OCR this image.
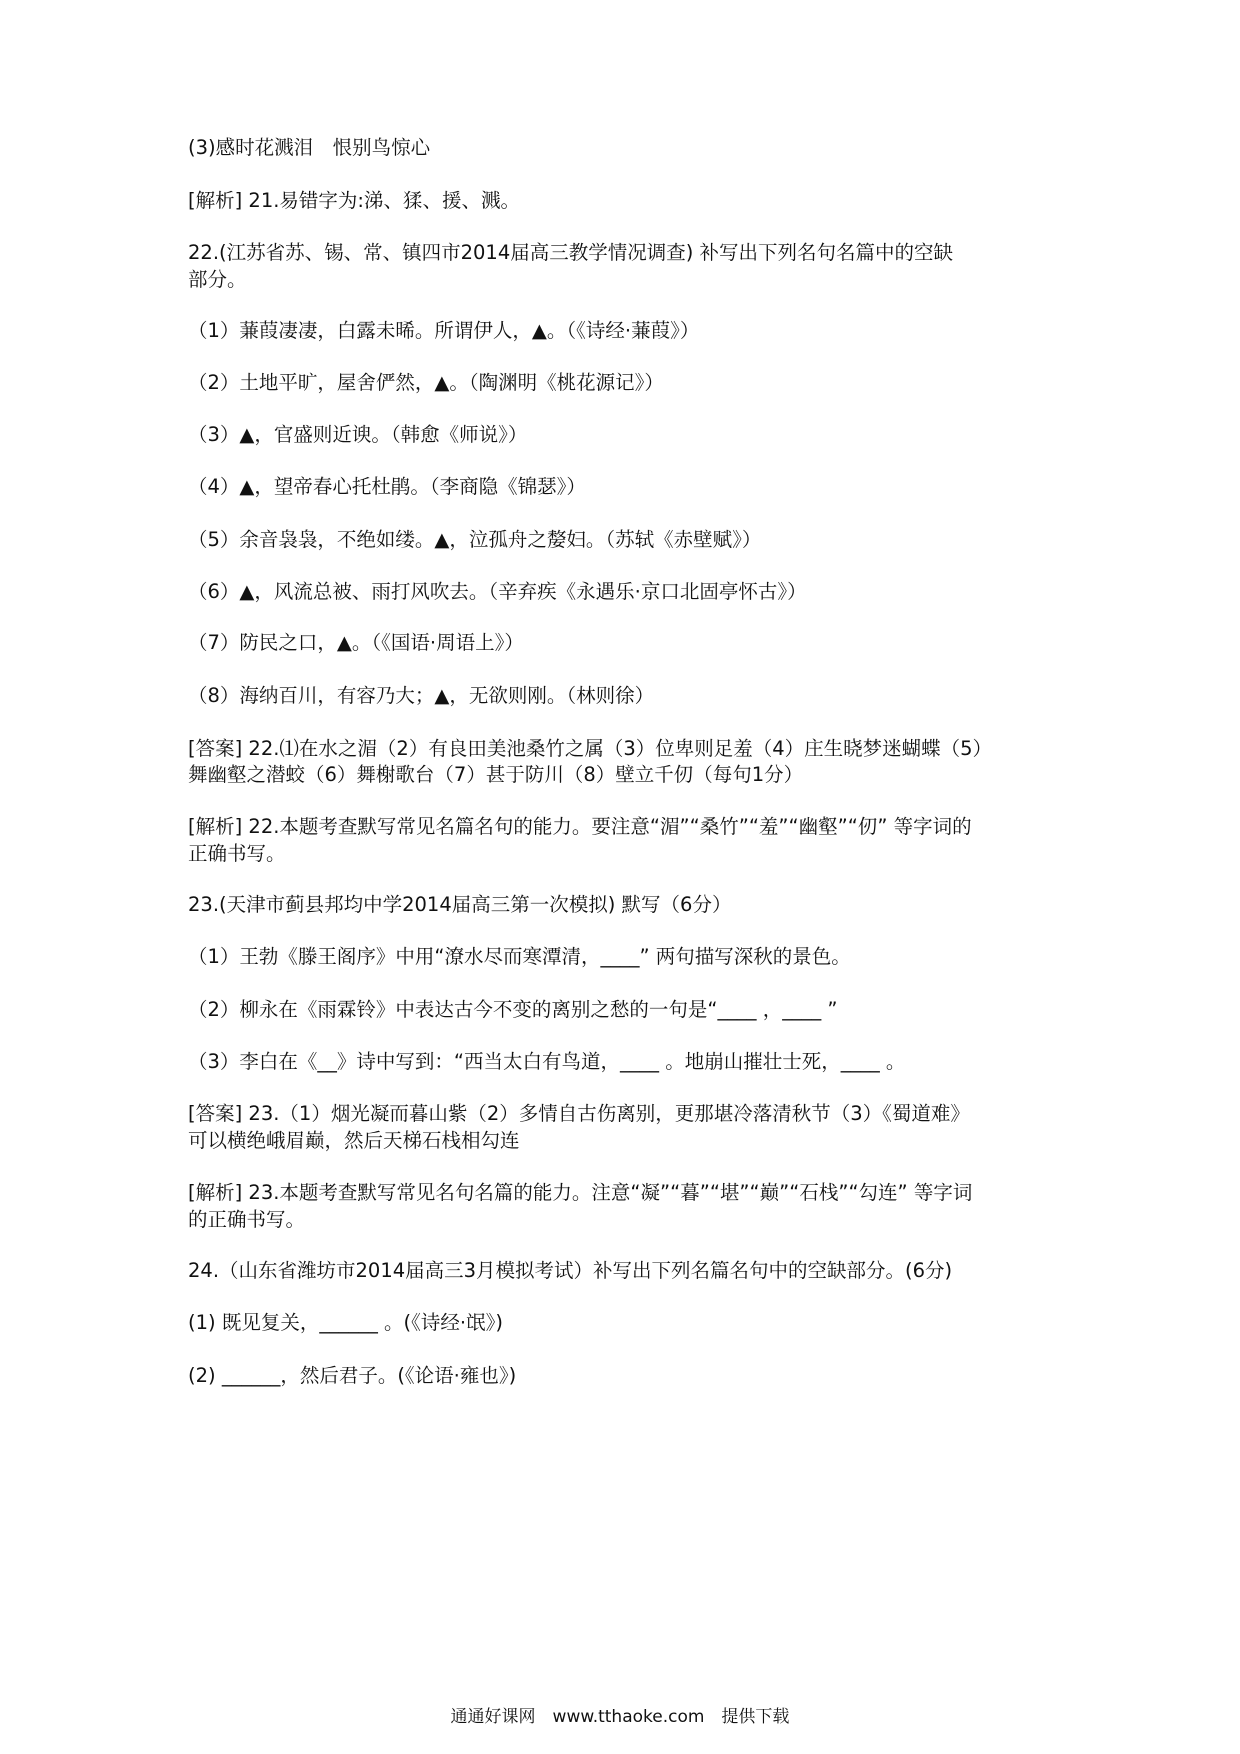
(3)感时花溅泪　恨别鸟惊心
[解析] 21.易错字为:涕、猱、援、溅。
22.(江苏省苏、锡、常、镇四市2014届高三教学情况调查) 补写出下列名句名篇中的空缺
部分。
（1）蒹葭凄凄，白露未晞。所谓伊人，▲。（《诗经·蒹葭》）
（2）土地平旷，屋舍俨然，▲。（陶渊明《桃花源记》）
（3）▲，官盛则近谀。（韩愈《师说》）
（4）▲，望帝春心托杜鹃。（李商隐《锦瑟》）
（5）余音袅袅，不绝如缕。▲，泣孤舟之嫠妇。（苏轼《赤壁赋》）
（6）▲，风流总被、雨打风吹去。（辛弃疾《永遇乐·京口北固亭怀古》）
（7）防民之口，▲。（《国语·周语上》）
（8）海纳百川，有容乃大；▲，无欲则刚。（林则徐）
[答案] 22.⑴在水之湄（2）有良田美池桑竹之属（3）位卑则足羞（4）庄生晓梦迷蝴蝶（5）
舞幽壑之潜蛟（6）舞榭歌台（7）甚于防川（8）壁立千仞（每句1分）
[解析] 22.本题考查默写常见名篇名句的能力。要注意“湄”“桑竹”“羞”“幽壑”“仞” 等字词的
正确书写。
23.(天津市蓟县邦均中学2014届高三第一次模拟) 默写（6分）
（1）王勃《滕王阁序》中用“潦水尽而寒潭清，____” 两句描写深秋的景色。
（2）柳永在《雨霖铃》中表达古今不变的离别之愁的一句是“____ ，____ ”
（3）李白在《__》诗中写到：“西当太白有鸟道，____ 。地崩山摧壮士死，____ 。
[答案] 23.（1）烟光凝而暮山紫（2）多情自古伤离别，更那堪冷落清秋节（3）《蜀道难》
可以横绝峨眉巅，然后天梯石栈相勾连
[解析] 23.本题考查默写常见名句名篇的能力。注意“凝”“暮”“堪”“巅”“石栈”“勾连” 等字词
的正确书写。
24.（山东省潍坊市2014届高三3月模拟考试）补写出下列名篇名句中的空缺部分。(6分)
(1) 既见复关，______ 。(《诗经·氓》)
(2) ______，然后君子。(《论语·雍也》)
通通好课网　www.tthaoke.com　提供下载
